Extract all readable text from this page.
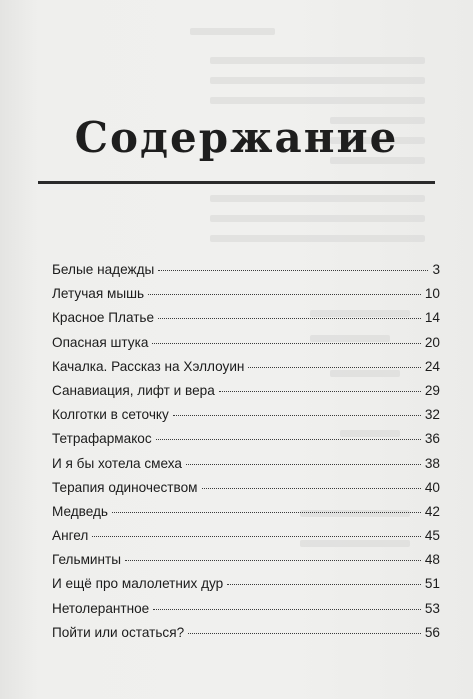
Содержание
Белые надежды	3
Летучая мышь	10
Красное Платье	14
Опасная штука	20
Качалка. Рассказ на Хэллоуин	24
Санавиация, лифт и вера	29
Колготки в сеточку	32
Тетрафармакос	36
И я бы хотела смеха	38
Терапия одиночеством	40
Медведь	42
Ангел	45
Гельминты	48
И ещё про малолетних дур	51
Нетолерантное	53
Пойти или остаться?	56
